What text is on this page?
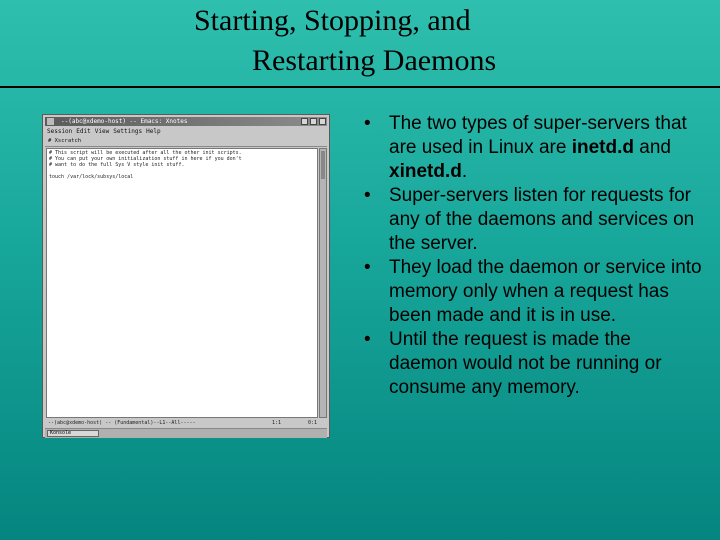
Starting, Stopping, and
Restarting Daemons
--(abc@xdemo-host) -- Emacs: Xnotes
Session Edit View Settings Help
# Xscratch
# This script will be executed after all the other init scripts.
# You can put your own initialization stuff in here if you don't
# want to do the full Sys V style init stuff.

touch /var/lock/subsys/local
--(abc@xdemo-host) -- (Fundamental)--L1--All-----	1:1	0:1
Konsole
• The two types of super-servers that are used in Linux are inetd.d and xinetd.d.
• Super-servers listen for requests for any of the daemons and services on the server.
• They load the daemon or service into memory only when a request has been made and it is in use.
• Until the request is made the daemon would not be running or consume any memory.
